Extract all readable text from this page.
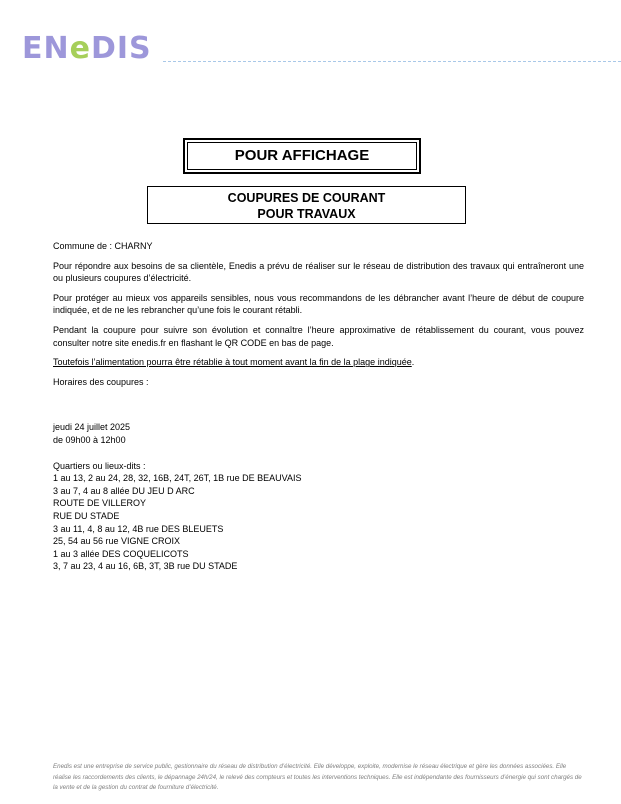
ENeDIS
POUR AFFICHAGE
COUPURES DE COURANT
POUR TRAVAUX

Commune de : CHARNY

Pour répondre aux besoins de sa clientèle, Enedis a prévu de réaliser sur le réseau de distribution des travaux qui entraîneront une ou plusieurs coupures d’électricité.

Pour protéger au mieux vos appareils sensibles, nous vous recommandons de les débrancher avant l’heure de début de coupure indiquée, et de ne les rebrancher qu’une fois le courant rétabli.

Pendant la coupure pour suivre son évolution et connaître l’heure approximative de rétablissement du courant, vous pouvez consulter notre site enedis.fr en flashant le QR CODE en bas de page.

Toutefois l’alimentation pourra être rétablie à tout moment avant la fin de la plage indiquée.

Horaires des coupures :

jeudi 24 juillet 2025
de 09h00 à 12h00
Quartiers ou lieux-dits :
1 au 13, 2 au 24, 28, 32, 16B, 24T, 26T, 1B rue DE BEAUVAIS
3 au 7, 4 au 8 allée DU JEU D ARC
ROUTE DE VILLEROY
RUE DU STADE
3 au 11, 4, 8 au 12, 4B rue DES BLEUETS
25, 54 au 56 rue VIGNE CROIX
1 au 3 allée DES COQUELICOTS
3, 7 au 23, 4 au 16, 6B, 3T, 3B rue DU STADE
Enedis est une entreprise de service public, gestionnaire du réseau de distribution d’électricité. Elle développe, exploite, modernise le réseau électrique et gère les données associées. Elle réalise les raccordements des clients, le dépannage 24h/24, le relevé des compteurs et toutes les interventions techniques. Elle est indépendante des fournisseurs d’énergie qui sont chargés de la vente et de la gestion du contrat de fourniture d’électricité.
